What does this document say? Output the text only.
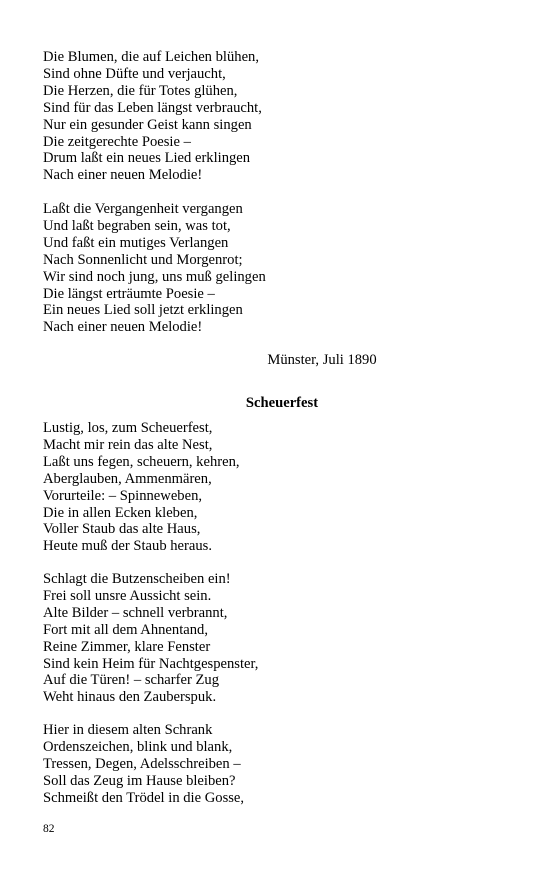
Die Blumen, die auf Leichen blühen,
Sind ohne Düfte und verjaucht,
Die Herzen, die für Totes glühen,
Sind für das Leben längst verbraucht,
Nur ein gesunder Geist kann singen
Die zeitgerechte Poesie –
Drum laßt ein neues Lied erklingen
Nach einer neuen Melodie!
Laßt die Vergangenheit vergangen
Und laßt begraben sein, was tot,
Und faßt ein mutiges Verlangen
Nach Sonnenlicht und Morgenrot;
Wir sind noch jung, uns muß gelingen
Die längst erträumte Poesie –
Ein neues Lied soll jetzt erklingen
Nach einer neuen Melodie!
Münster, Juli 1890
Scheuerfest
Lustig, los, zum Scheuerfest,
Macht mir rein das alte Nest,
Laßt uns fegen, scheuern, kehren,
Aberglauben, Ammenmären,
Vorurteile: – Spinneweben,
Die in allen Ecken kleben,
Voller Staub das alte Haus,
Heute muß der Staub heraus.
Schlagt die Butzenscheiben ein!
Frei soll unsre Aussicht sein.
Alte Bilder – schnell verbrannt,
Fort mit all dem Ahnentand,
Reine Zimmer, klare Fenster
Sind kein Heim für Nachtgespenster,
Auf die Türen! – scharfer Zug
Weht hinaus den Zauberspuk.
Hier in diesem alten Schrank
Ordenszeichen, blink und blank,
Tressen, Degen, Adelsschreiben –
Soll das Zeug im Hause bleiben?
Schmeißt den Trödel in die Gosse,
82
